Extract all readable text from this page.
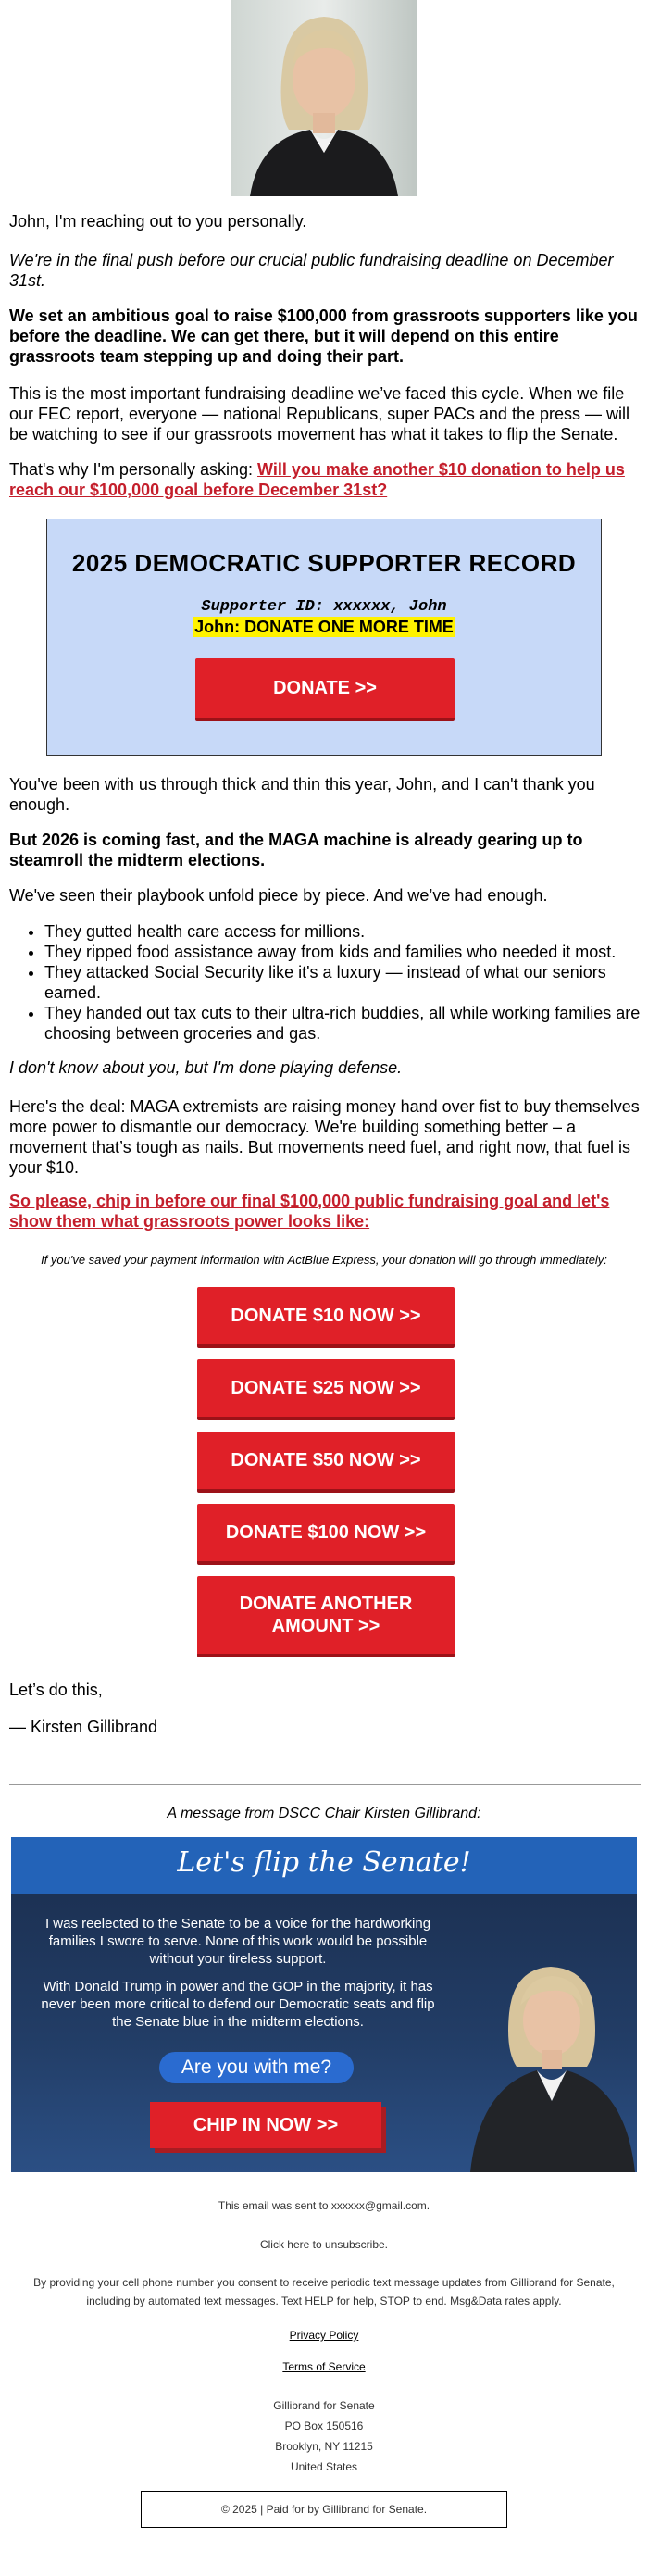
John, I'm reaching out to you personally.

We're in the final push before our crucial public fundraising deadline on December 31st.

We set an ambitious goal to raise $100,000 from grassroots supporters like you before the deadline. We can get there, but it will depend on this entire grassroots team stepping up and doing their part.

This is the most important fundraising deadline we’ve faced this cycle. When we file our FEC report, everyone — national Republicans, super PACs and the press — will be watching to see if our grassroots movement has what it takes to flip the Senate.

That's why I'm personally asking: Will you make another $10 donation to help us reach our $100,000 goal before December 31st?

2025 DEMOCRATIC SUPPORTER RECORD
Supporter ID: xxxxxx, John
John: DONATE ONE MORE TIME
DONATE >>

You've been with us through thick and thin this year, John, and I can't thank you enough.

But 2026 is coming fast, and the MAGA machine is already gearing up to steamroll the midterm elections.

We've seen their playbook unfold piece by piece. And we’ve had enough.

• They gutted health care access for millions.
• They ripped food assistance away from kids and families who needed it most.
• They attacked Social Security like it's a luxury — instead of what our seniors earned.
• They handed out tax cuts to their ultra-rich buddies, all while working families are choosing between groceries and gas.

I don't know about you, but I'm done playing defense.

Here's the deal: MAGA extremists are raising money hand over fist to buy themselves more power to dismantle our democracy. We're building something better – a movement that’s tough as nails. But movements need fuel, and right now, that fuel is your $10.

So please, chip in before our final $100,000 public fundraising goal and let's show them what grassroots power looks like:

If you've saved your payment information with ActBlue Express, your donation will go through immediately:
DONATE $10 NOW >>
DONATE $25 NOW >>
DONATE $50 NOW >>
DONATE $100 NOW >>
DONATE ANOTHER AMOUNT >>

Let’s do this,

— Kirsten Gillibrand

A message from DSCC Chair Kirsten Gillibrand:
Let's flip the Senate!
I was reelected to the Senate to be a voice for the hardworking families I swore to serve. None of this work would be possible without your tireless support.
With Donald Trump in power and the GOP in the majority, it has never been more critical to defend our Democratic seats and flip the Senate blue in the midterm elections.
Are you with me?
CHIP IN NOW >>
This email was sent to xxxxxx@gmail.com.
Click here to unsubscribe.
By providing your cell phone number you consent to receive periodic text message updates from Gillibrand for Senate, including by automated text messages. Text HELP for help, STOP to end. Msg&Data rates apply.
Privacy Policy
Terms of Service
Gillibrand for Senate
PO Box 150516
Brooklyn, NY 11215
United States
© 2025 | Paid for by Gillibrand for Senate.
